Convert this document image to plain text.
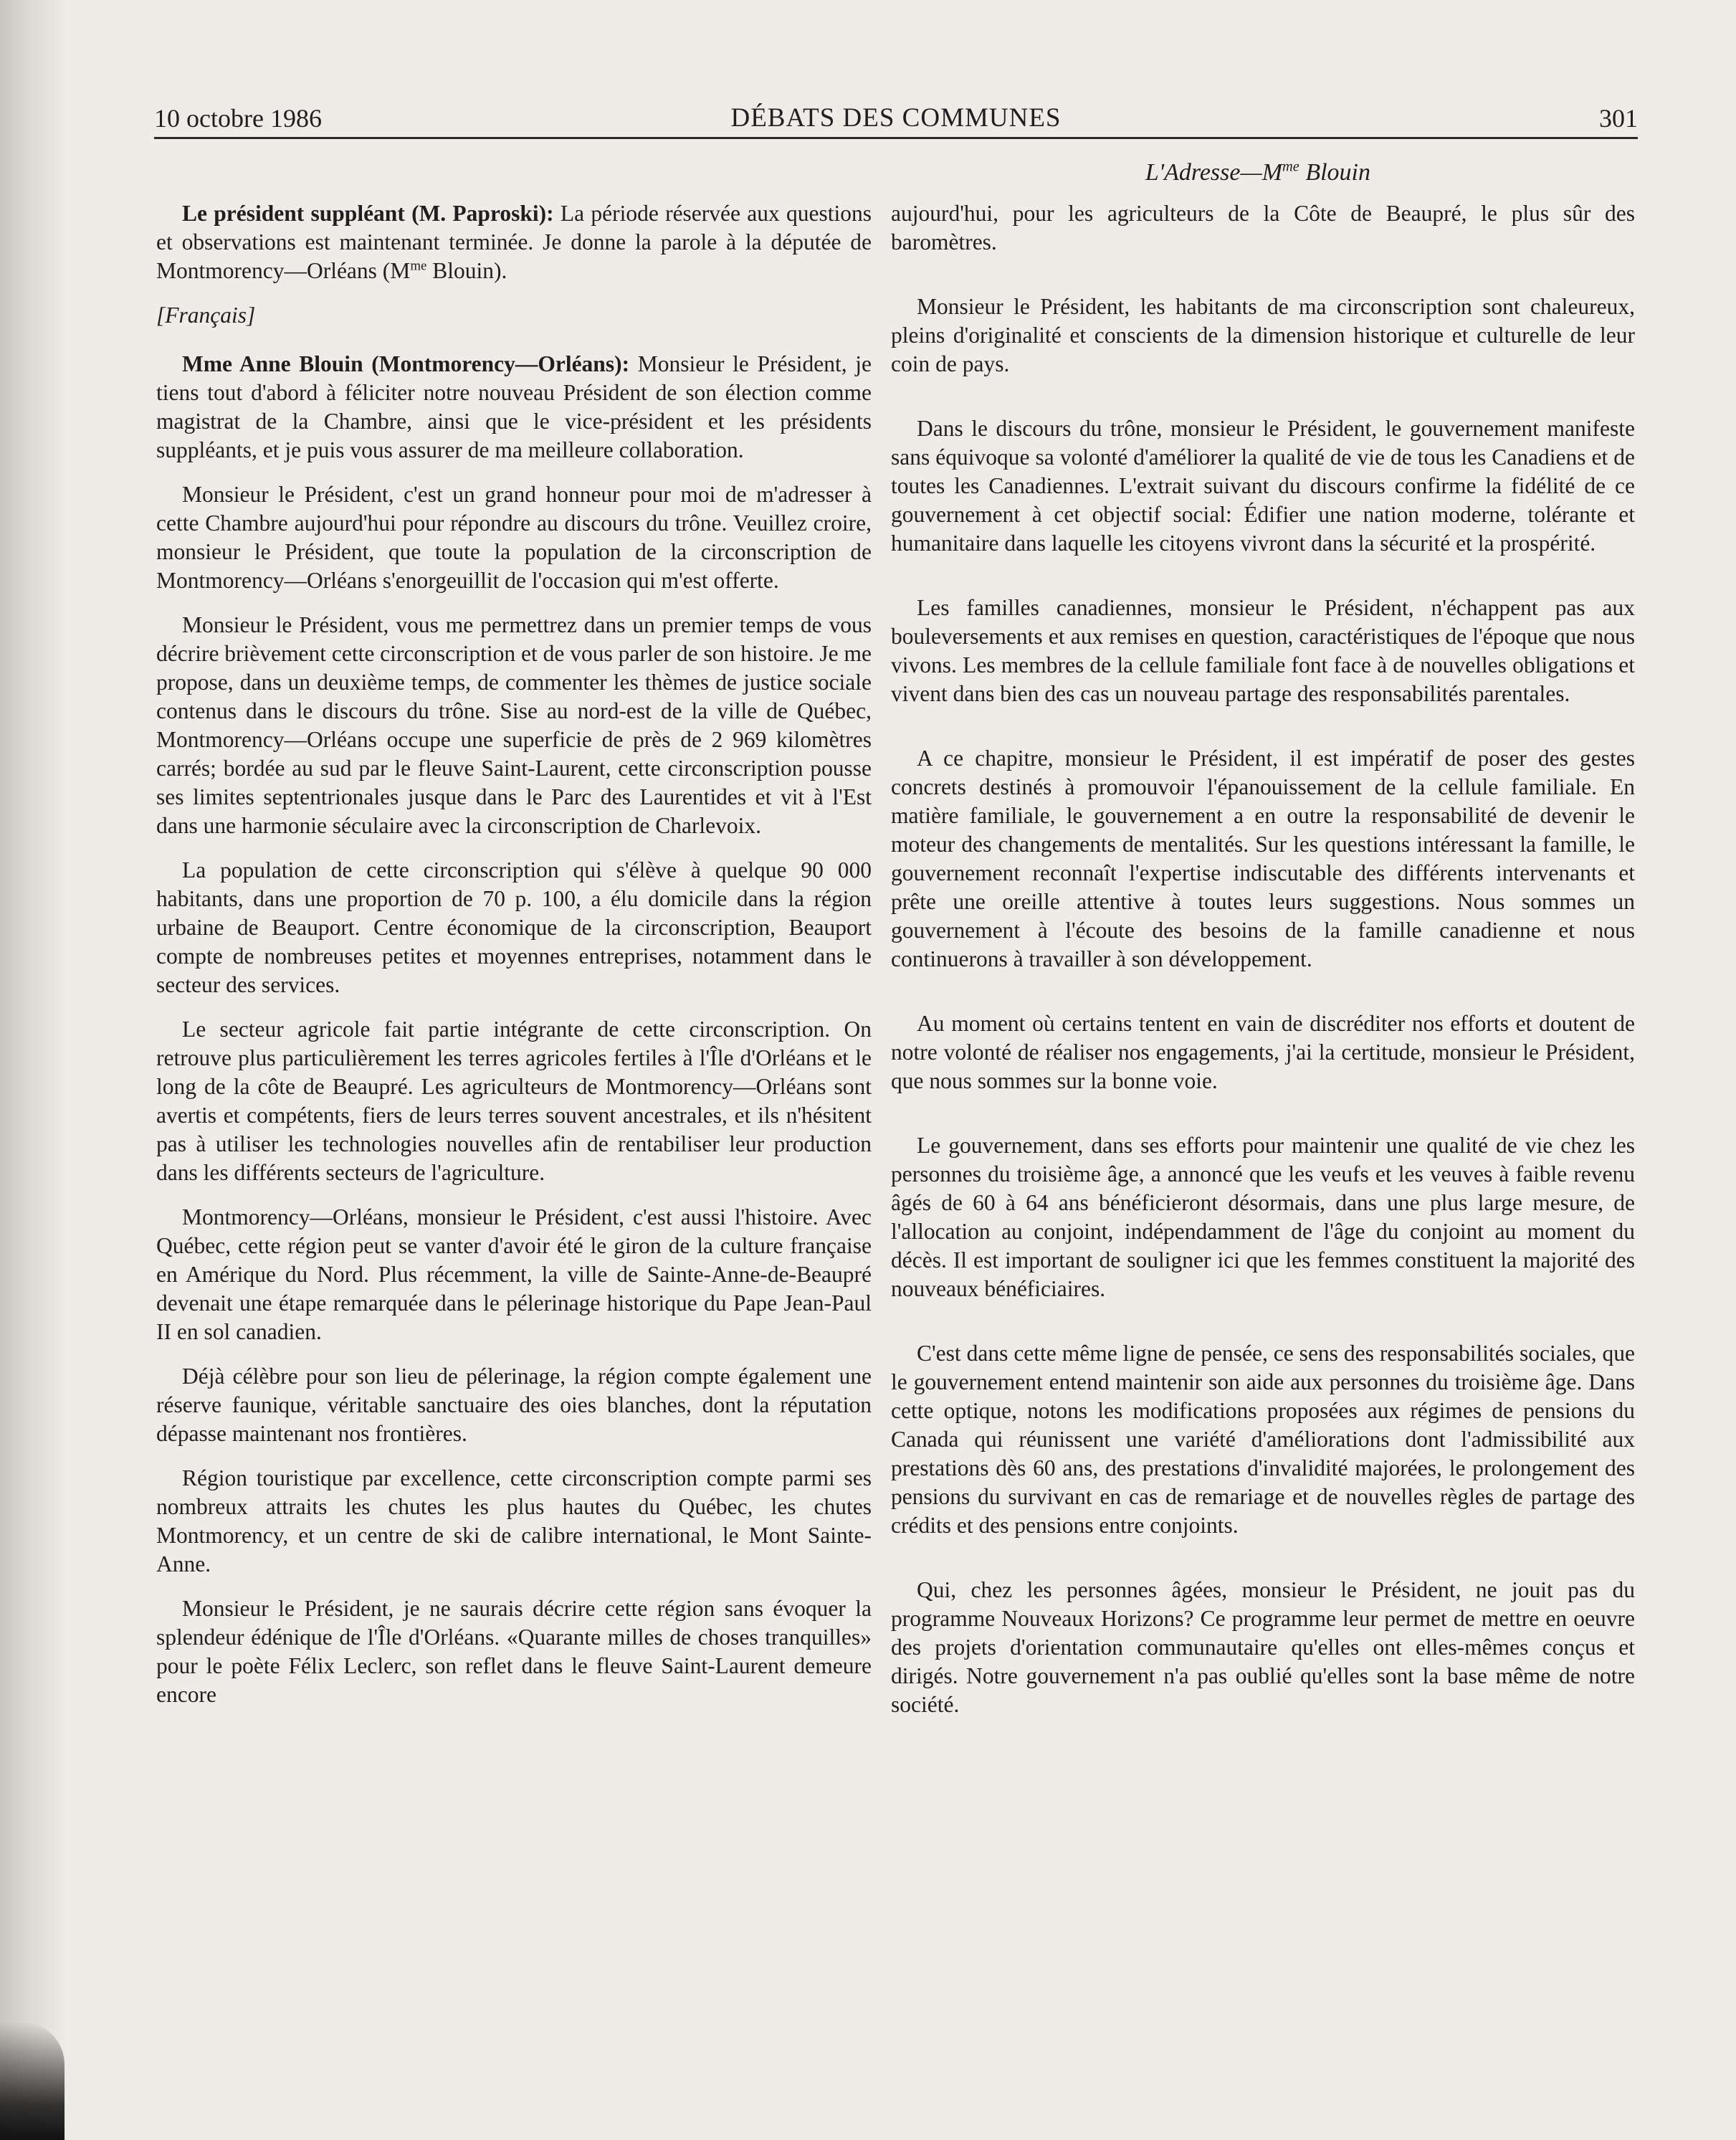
10 octobre 1986	DÉBATS DES COMMUNES	301
$L'Adresse—M^{me}$ Blouin

Le président suppléant (M. Paproski): La période réservée aux questions et observations est maintenant terminée. Je donne la parole à la députée de Montmorency—Orléans ($M^{me}$ Blouin).

[Français]

Mme Anne Blouin (Montmorency—Orléans): Monsieur le Président, je tiens tout d'abord à féliciter notre nouveau Président de son élection comme magistrat de la Chambre, ainsi que le vice-président et les présidents suppléants, et je puis vous assurer de ma meilleure collaboration.

Monsieur le Président, c'est un grand honneur pour moi de m'adresser à cette Chambre aujourd'hui pour répondre au discours du trône. Veuillez croire, monsieur le Président, que toute la population de la circonscription de Montmorency—Orléans s'enorgeuillit de l'occasion qui m'est offerte.

Monsieur le Président, vous me permettrez dans un premier temps de vous décrire brièvement cette circonscription et de vous parler de son histoire. Je me propose, dans un deuxième temps, de commenter les thèmes de justice sociale contenus dans le discours du trône. Sise au nord-est de la ville de Québec, Montmorency—Orléans occupe une superficie de près de 2 969 kilomètres carrés; bordée au sud par le fleuve Saint-Laurent, cette circonscription pousse ses limites septentrionales jusque dans le Parc des Laurentides et vit à l'Est dans une harmonie séculaire avec la circonscription de Charlevoix.

La population de cette circonscription qui s'élève à quelque 90 000 habitants, dans une proportion de 70 p. 100, a élu domicile dans la région urbaine de Beauport. Centre économique de la circonscription, Beauport compte de nombreuses petites et moyennes entreprises, notamment dans le secteur des services.

Le secteur agricole fait partie intégrante de cette circonscription. On retrouve plus particulièrement les terres agricoles fertiles à l'Île d'Orléans et le long de la côte de Beaupré. Les agriculteurs de Montmorency—Orléans sont avertis et compétents, fiers de leurs terres souvent ancestrales, et ils n'hésitent pas à utiliser les technologies nouvelles afin de rentabiliser leur production dans les différents secteurs de l'agriculture.

Montmorency—Orléans, monsieur le Président, c'est aussi l'histoire. Avec Québec, cette région peut se vanter d'avoir été le giron de la culture française en Amérique du Nord. Plus récemment, la ville de Sainte-Anne-de-Beaupré devenait une étape remarquée dans le pélerinage historique du Pape Jean-Paul II en sol canadien.

Déjà célèbre pour son lieu de pélerinage, la région compte également une réserve faunique, véritable sanctuaire des oies blanches, dont la réputation dépasse maintenant nos frontières.

Région touristique par excellence, cette circonscription compte parmi ses nombreux attraits les chutes les plus hautes du Québec, les chutes Montmorency, et un centre de ski de calibre international, le Mont Sainte-Anne.

Monsieur le Président, je ne saurais décrire cette région sans évoquer la splendeur édénique de l'Île d'Orléans. «Quarante milles de choses tranquilles» pour le poète Félix Leclerc, son reflet dans le fleuve Saint-Laurent demeure encore

aujourd'hui, pour les agriculteurs de la Côte de Beaupré, le plus sûr des baromètres.

Monsieur le Président, les habitants de ma circonscription sont chaleureux, pleins d'originalité et conscients de la dimension historique et culturelle de leur coin de pays.

Dans le discours du trône, monsieur le Président, le gouvernement manifeste sans équivoque sa volonté d'améliorer la qualité de vie de tous les Canadiens et de toutes les Canadiennes. L'extrait suivant du discours confirme la fidélité de ce gouvernement à cet objectif social: Édifier une nation moderne, tolérante et humanitaire dans laquelle les citoyens vivront dans la sécurité et la prospérité.

Les familles canadiennes, monsieur le Président, n'échappent pas aux bouleversements et aux remises en question, caractéristiques de l'époque que nous vivons. Les membres de la cellule familiale font face à de nouvelles obligations et vivent dans bien des cas un nouveau partage des responsabilités parentales.

A ce chapitre, monsieur le Président, il est impératif de poser des gestes concrets destinés à promouvoir l'épanouissement de la cellule familiale. En matière familiale, le gouvernement a en outre la responsabilité de devenir le moteur des changements de mentalités. Sur les questions intéressant la famille, le gouvernement reconnaît l'expertise indiscutable des différents intervenants et prête une oreille attentive à toutes leurs suggestions. Nous sommes un gouvernement à l'écoute des besoins de la famille canadienne et nous continuerons à travailler à son développement.

Au moment où certains tentent en vain de discréditer nos efforts et doutent de notre volonté de réaliser nos engagements, j'ai la certitude, monsieur le Président, que nous sommes sur la bonne voie.

Le gouvernement, dans ses efforts pour maintenir une qualité de vie chez les personnes du troisième âge, a annoncé que les veufs et les veuves à faible revenu âgés de 60 à 64 ans bénéficieront désormais, dans une plus large mesure, de l'allocation au conjoint, indépendamment de l'âge du conjoint au moment du décès. Il est important de souligner ici que les femmes constituent la majorité des nouveaux bénéficiaires.

C'est dans cette même ligne de pensée, ce sens des responsabilités sociales, que le gouvernement entend maintenir son aide aux personnes du troisième âge. Dans cette optique, notons les modifications proposées aux régimes de pensions du Canada qui réunissent une variété d'améliorations dont l'admissibilité aux prestations dès 60 ans, des prestations d'invalidité majorées, le prolongement des pensions du survivant en cas de remariage et de nouvelles règles de partage des crédits et des pensions entre conjoints.

Qui, chez les personnes âgées, monsieur le Président, ne jouit pas du programme Nouveaux Horizons? Ce programme leur permet de mettre en oeuvre des projets d'orientation communautaire qu'elles ont elles-mêmes conçus et dirigés. Notre gouvernement n'a pas oublié qu'elles sont la base même de notre société.
